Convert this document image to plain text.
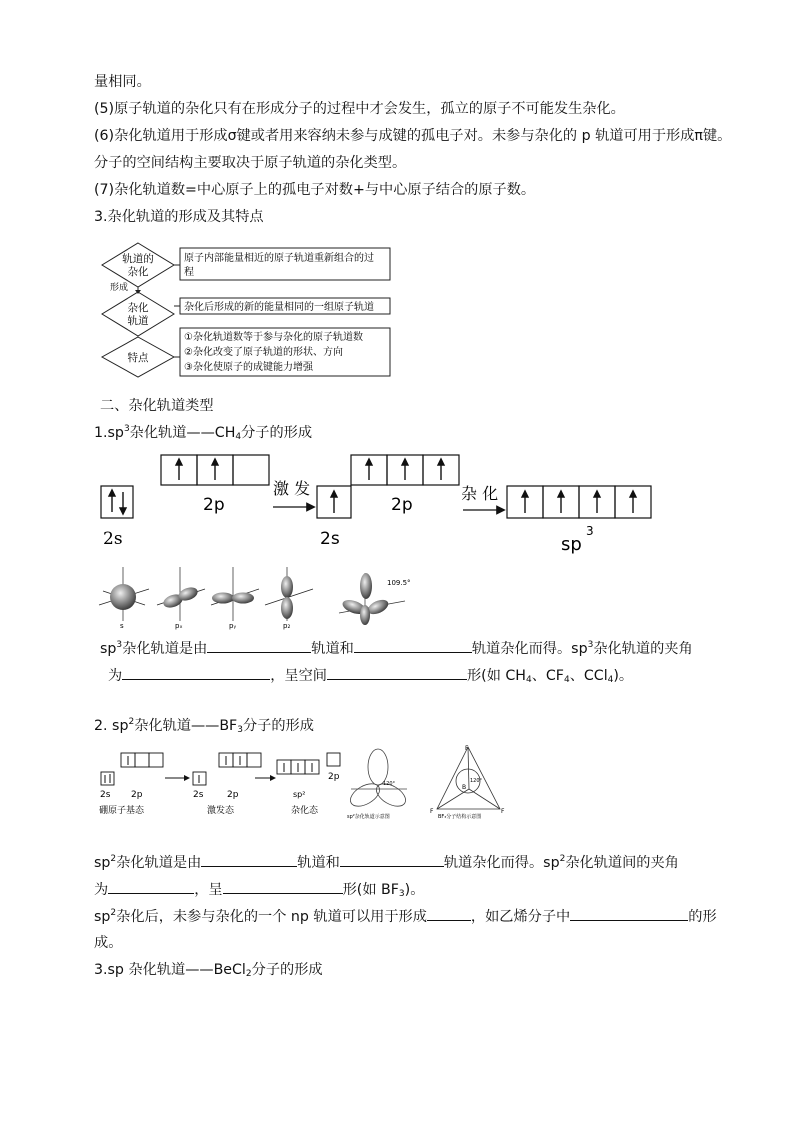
量相同。
(5)原子轨道的杂化只有在形成分子的过程中才会发生，孤立的原子不可能发生杂化。
(6)杂化轨道用于形成σ键或者用来容纳未参与成键的孤电子对。未参与杂化的 p 轨道可用于形成π键。
分子的空间结构主要取决于原子轨道的杂化类型。
(7)杂化轨道数=中心原子上的孤电子对数+与中心原子结合的原子数。
3.杂化轨道的形成及其特点
轨道的
杂化
形成
杂化
轨道
特点
原子内部能量相近的原子轨道重新组合的过
程
杂化后形成的新的能量相同的一组原子轨道
①杂化轨道数等于参与杂化的原子轨道数
②杂化改变了原子轨道的形状、方向
③杂化使原子的成键能力增强
二、杂化轨道类型
$1.sp^3$杂化轨道$——CH_4$分子的形成
2s
2p
激 发
2s
2p
杂 化
sp
3
s	pₓ	pᵧ	p₂
109.5°
$sp^3$杂化轨道是由	轨道和	轨道杂化而得。$sp^3$杂化轨道的夹角
为	，呈空间	形(如 $CH_4$、$CF_4$、CCl$_4$)。
2. $sp^2$杂化轨道$——BF_3$分子的形成
2s 2p	2s	2p	sp²
2p
硼原子基态	激发态	杂化态
120°
sp²杂化轨道示意图
F
F	F
B
120°
BF₃分子结构示意图
$sp^2$杂化轨道是由	轨道和	轨道杂化而得。$sp^2$杂化轨道间的夹角
为	，呈	形(如 $BF_3$)。
$sp^2$杂化后，未参与杂化的一个 np 轨道可以用于形成	，如乙烯分子中	的形
成。
3.sp 杂化轨道——BeCl$_2$分子的形成
